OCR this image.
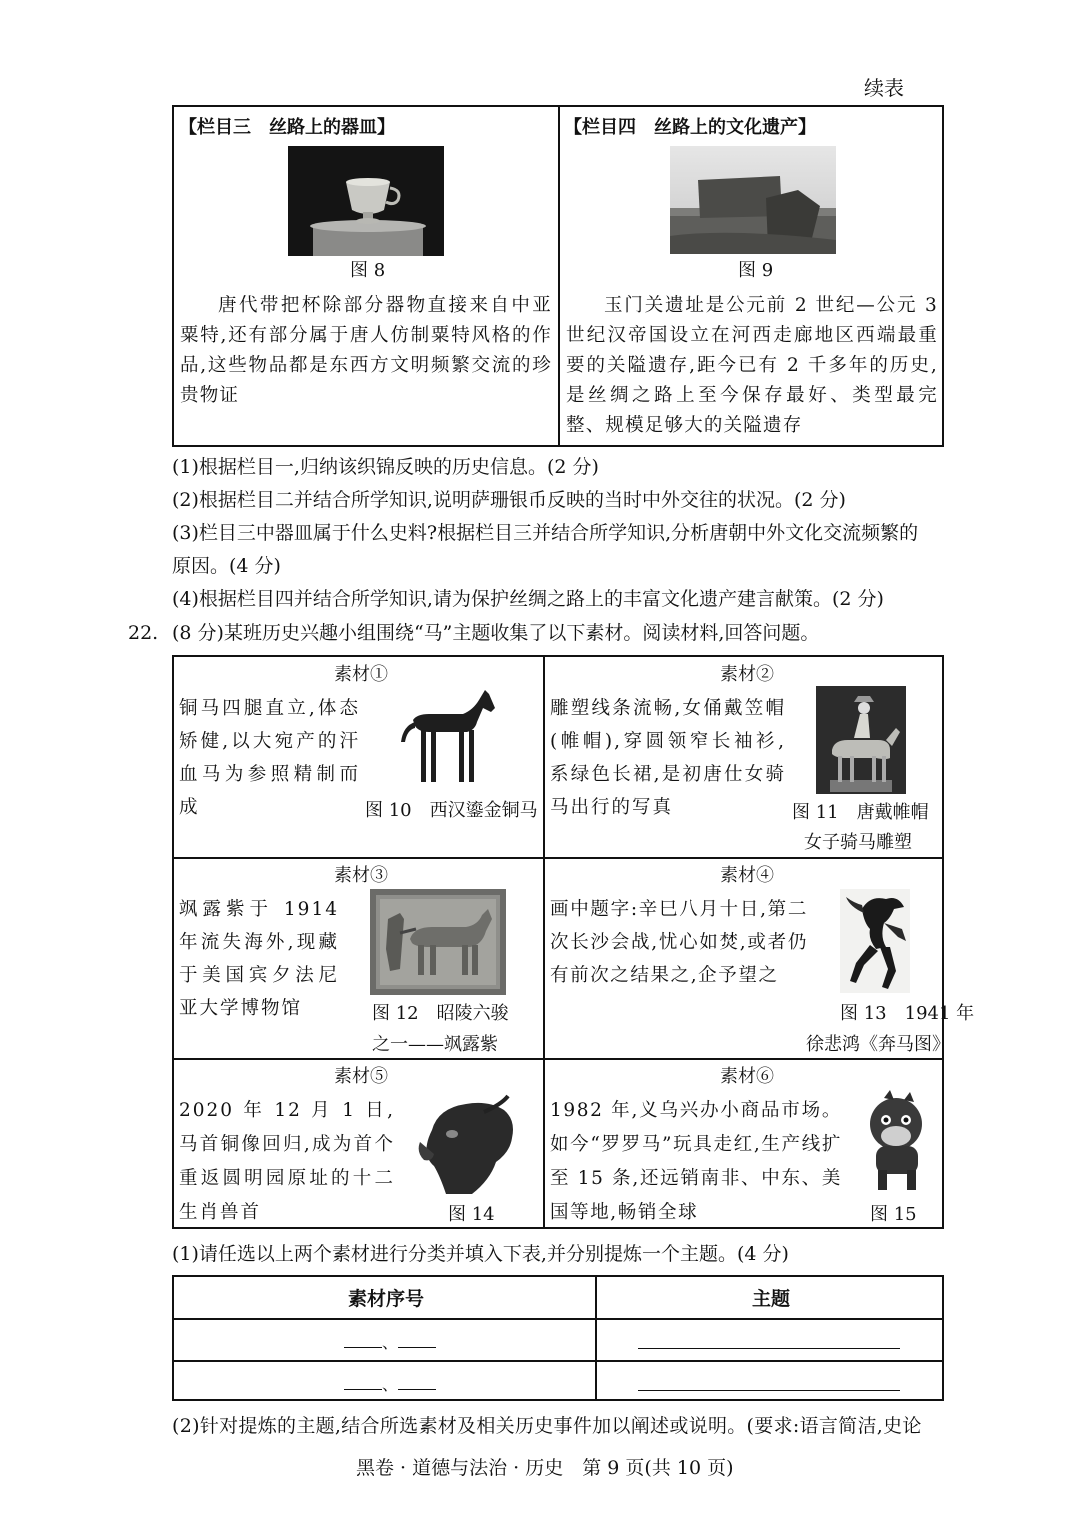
续表
【栏目三　丝路上的器皿】
图 8
唐代带把杯除部分器物直接来自中亚粟特,还有部分属于唐人仿制粟特风格的作品,这些物品都是东西方文明频繁交流的珍贵物证
【栏目四　丝路上的文化遗产】
图 9
玉门关遗址是公元前 2 世纪—公元 3 世纪汉帝国设立在河西走廊地区西端最重要的关隘遗存,距今已有 2 千多年的历史,是丝绸之路上至今保存最好、类型最完整、规模足够大的关隘遗存
(1)根据栏目一,归纳该织锦反映的历史信息。(2 分)
(2)根据栏目二并结合所学知识,说明萨珊银币反映的当时中外交往的状况。(2 分)
(3)栏目三中器皿属于什么史料?根据栏目三并结合所学知识,分析唐朝中外文化交流频繁的
原因。(4 分)
(4)根据栏目四并结合所学知识,请为保护丝绸之路上的丰富文化遗产建言献策。(2 分)
22. (8 分)某班历史兴趣小组围绕“马”主题收集了以下素材。阅读材料,回答问题。
素材①
铜马四腿直立,体态矫健,以大宛产的汗血马为参照精制而成	图 10　西汉鎏金铜马
素材②
雕塑线条流畅,女俑戴笠帽(帷帽),穿圆领窄长袖衫,系绿色长裙,是初唐仕女骑马出行的写真	图 11　唐戴帷帽
女子骑马雕塑
素材③
飒露紫于 1914 年流失海外,现藏于美国宾夕法尼亚大学博物馆	图 12　昭陵六骏
之一——飒露紫
素材④
画中题字:辛巳八月十日,第二次长沙会战,忧心如焚,或者仍有前次之结果之,企予望之
图 13　1941 年
徐悲鸿《奔马图》
素材⑤
2020 年 12 月 1 日,马首铜像回归,成为首个重返圆明园原址的十二生肖兽首	图 14
素材⑥
1982 年,义乌兴办小商品市场。如今“罗罗马”玩具走红,生产线扩至 15 条,还远销南非、中东、美国等地,畅销全球	图 15
(1)请任选以上两个素材进行分类并填入下表,并分别提炼一个主题。(4 分)
素材序号	主题
、
、
(2)针对提炼的主题,结合所选素材及相关历史事件加以阐述或说明。(要求:语言简洁,史论
黑卷 · 道德与法治 · 历史　第 9 页(共 10 页)
